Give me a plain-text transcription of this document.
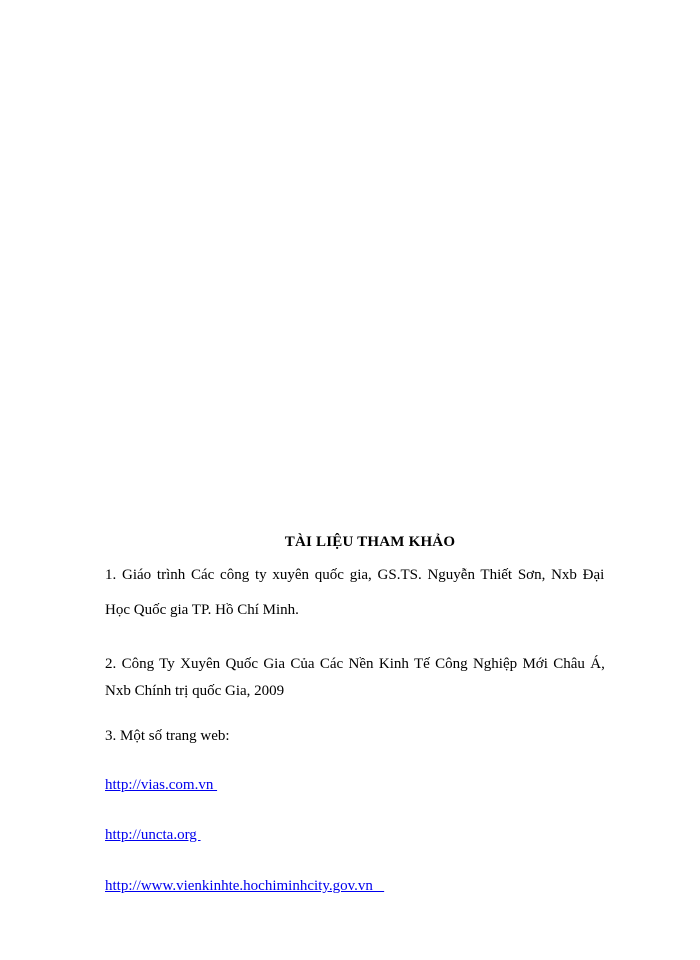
TÀI LIỆU THAM KHẢO
1. Giáo trình Các công ty xuyên quốc gia, GS.TS. Nguyễn Thiết Sơn, Nxb Đại
Học Quốc gia TP. Hồ Chí Minh.
2. Công Ty Xuyên Quốc Gia Của Các Nền Kinh Tế Công Nghiệp Mới Châu Á,
Nxb Chính trị quốc Gia, 2009
3. Một số trang web:
http://vias.com.vn
http://uncta.org
http://www.vienkinhte.hochiminhcity.gov.vn
